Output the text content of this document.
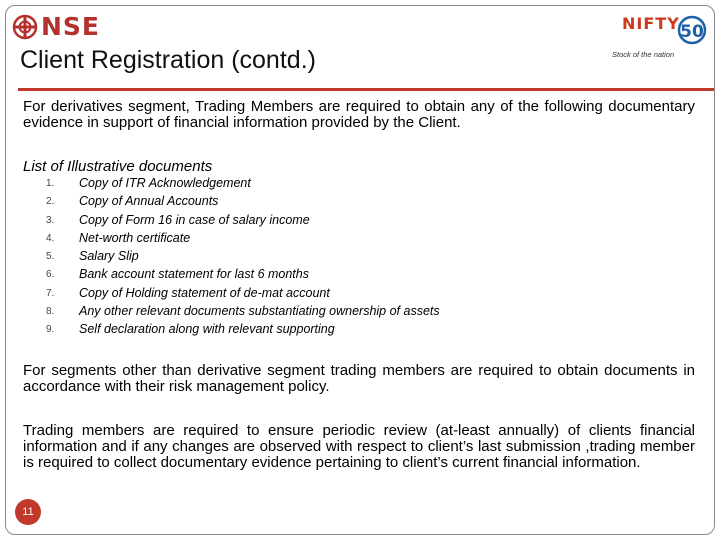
NSE
Client Registration (contd.)
NIFTY 50
Stock of the nation
For derivatives segment, Trading Members are required to obtain any of the following documentary evidence in support of financial information provided by the Client.
List of Illustrative documents
1.	Copy of ITR Acknowledgement
2.	Copy of Annual Accounts
3.	Copy of Form 16 in case of salary income
4.	Net-worth certificate
5.	Salary Slip
6.	Bank account statement for last 6 months
7.	Copy of Holding statement of de-mat account
8.	Any other relevant documents substantiating ownership of assets
9.	Self declaration along with relevant supporting
For segments other than derivative segment trading members are required to obtain documents in accordance with their risk management policy.
Trading members are required to ensure periodic review (at-least annually) of clients financial information and if any changes are observed with respect to client’s last submission ,trading member is required to collect documentary evidence pertaining to client’s current financial information.
11
